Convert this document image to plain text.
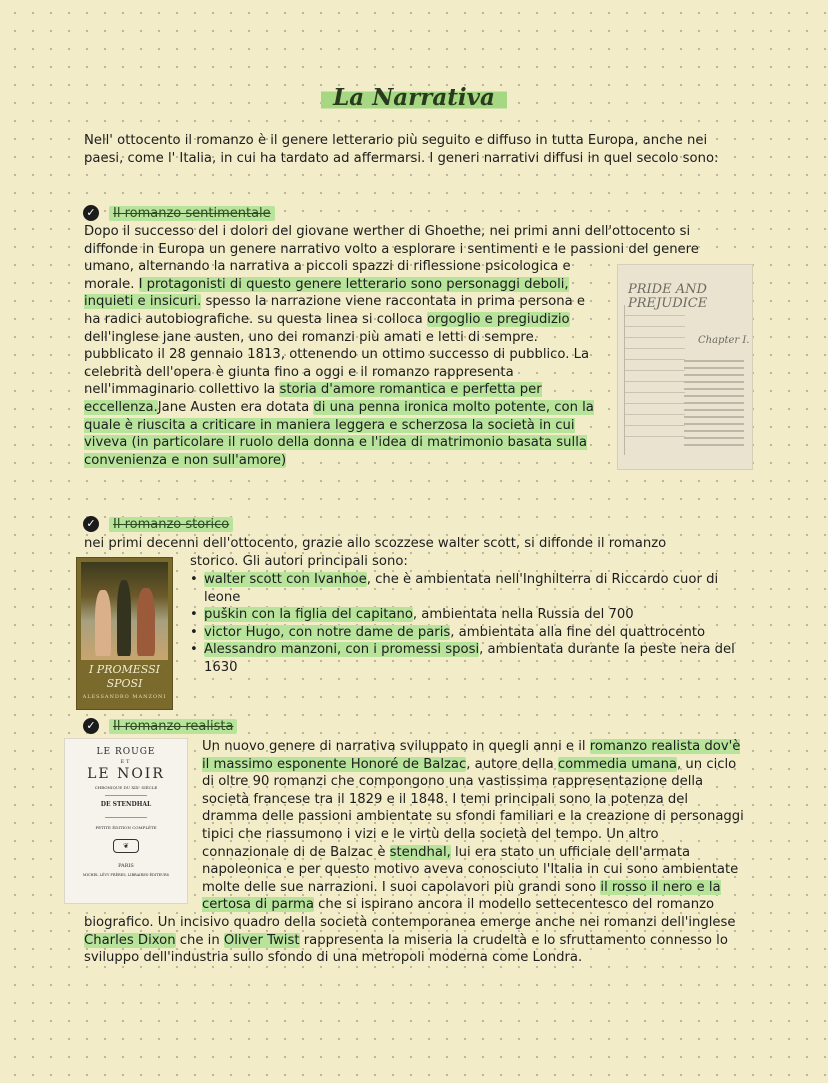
La Narrativa

Nell' ottocento il romanzo è il genere letterario più seguito e diffuso in tutta Europa, anche nei paesi, come l' Italia, in cui ha tardato ad affermarsi. I generi narrativi diffusi in quel secolo sono:

✓	Il romanzo sentimentale

Dopo il successo del i dolori del giovane werther di Ghoethe, nei primi anni dell'ottocento si diffonde in Europa un genere narrativo volto a esplorare i sentimenti e le passioni del genere umano, alternando la narrativa a piccoli spazzi di riflessione psicologica e morale. I protagonisti di questo genere letterario sono personaggi deboli, inquieti e insicuri. spesso la narrazione viene raccontata in prima persona e ha radici autobiografiche. su questa linea si colloca orgoglio e pregiudizio dell'inglese jane austen, uno dei romanzi più amati e letti di sempre. pubblicato il 28 gennaio 1813, ottenendo un ottimo successo di pubblico. La celebrità dell'opera è giunta fino a oggi e il romanzo rappresenta nell'immaginario collettivo la storia d'amore romantica e perfetta per eccellenza.Jane Austen era dotata di una penna ironica molto potente, con la quale è riuscita a criticare in maniera leggera e scherzosa la società in cui viveva (in particolare il ruolo della donna e l'idea di matrimonio basata sulla convenienza e non sull'amore)

PRIDE AND
PREJUDICE
Chapter I.
✓	Il romanzo storico

nei primi decenni dell'ottocento, grazie allo scozzese walter scott, si diffonde il romanzo

storico. Gli autori principali sono:

• walter scott con Ivanhoe, che è ambientata nell'Inghilterra di Riccardo cuor di leone
• puškin con la figlia del capitano, ambientata nella Russia del 700
• victor Hugo, con notre dame de paris, ambientata alla fine del quattrocento
• Alessandro manzoni, con i promessi sposi, ambientata durante la peste nera del 1630
I PROMESSI
SPOSI
ALESSANDRO MANZONI
✓	Il romanzo realista

Un nuovo genere di narrativa sviluppato in quegli anni e il romanzo realista dov'è il massimo esponente Honoré de Balzac, autore della commedia umana, un ciclo di oltre 90 romanzi che compongono una vastissima rappresentazione della società francese tra il 1829 e il 1848. I temi principali sono la potenza del dramma delle passioni ambientate su sfondi familiari e la creazione di personaggi tipici che riassumono i vizi e le virtù della società del tempo. Un altro connazionale di de Balzac è stendhal, lui era stato un ufficiale dell'armata napoleonica e per questo motivo aveva conosciuto l'Italia in cui sono ambientate molte delle sue narrazioni. I suoi capolavori più grandi sono il rosso il nero e la certosa di parma che si ispirano ancora il modello settecentesco del romanzo biografico. Un incisivo quadro della società contemporanea emerge anche nei romanzi dell'inglese Charles Dixon che in Oliver Twist rappresenta la miseria la crudeltà e lo sfruttamento connesso lo sviluppo dell'industria sullo sfondo di una metropoli moderna come Londra.

LE ROUGE
ET
LE NOIR
CHRONIQUE DU XIXᵉ SIÈCLE
DE STENDHAL
PETITE ÉDITION COMPLÈTE
❦
PARIS
MICHEL LÉVY FRÈRES, LIBRAIRES-ÉDITEURS
